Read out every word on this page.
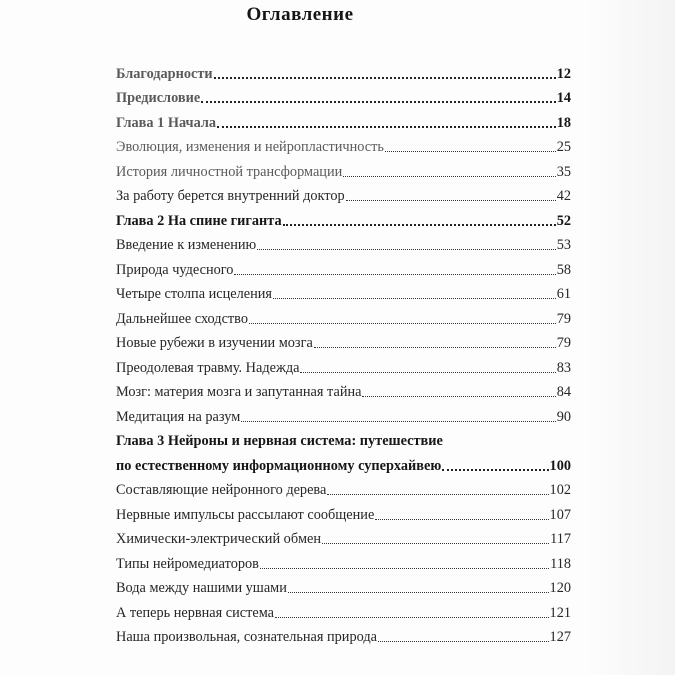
Оглавление
Благодарности	12
Предисловие	14
Глава 1 Начала	18
Эволюция, изменения и нейропластичность	25
История личностной трансформации	35
За работу берется внутренний доктор	42
Глава 2 На спине гиганта	52
Введение к изменению	53
Природа чудесного	58
Четыре столпа исцеления	61
Дальнейшее сходство	79
Новые рубежи в изучении мозга	79
Преодолевая травму. Надежда	83
Мозг: материя мозга и запутанная тайна	84
Медитация на разум	90
Глава 3 Нейроны и нервная система: путешествие
по естественному информационному суперхайвею	100
Составляющие нейронного дерева	102
Нервные импульсы рассылают сообщение	107
Химически-электрический обмен	117
Типы нейромедиаторов	118
Вода между нашими ушами	120
А теперь нервная система	121
Наша произвольная, сознательная природа	127
